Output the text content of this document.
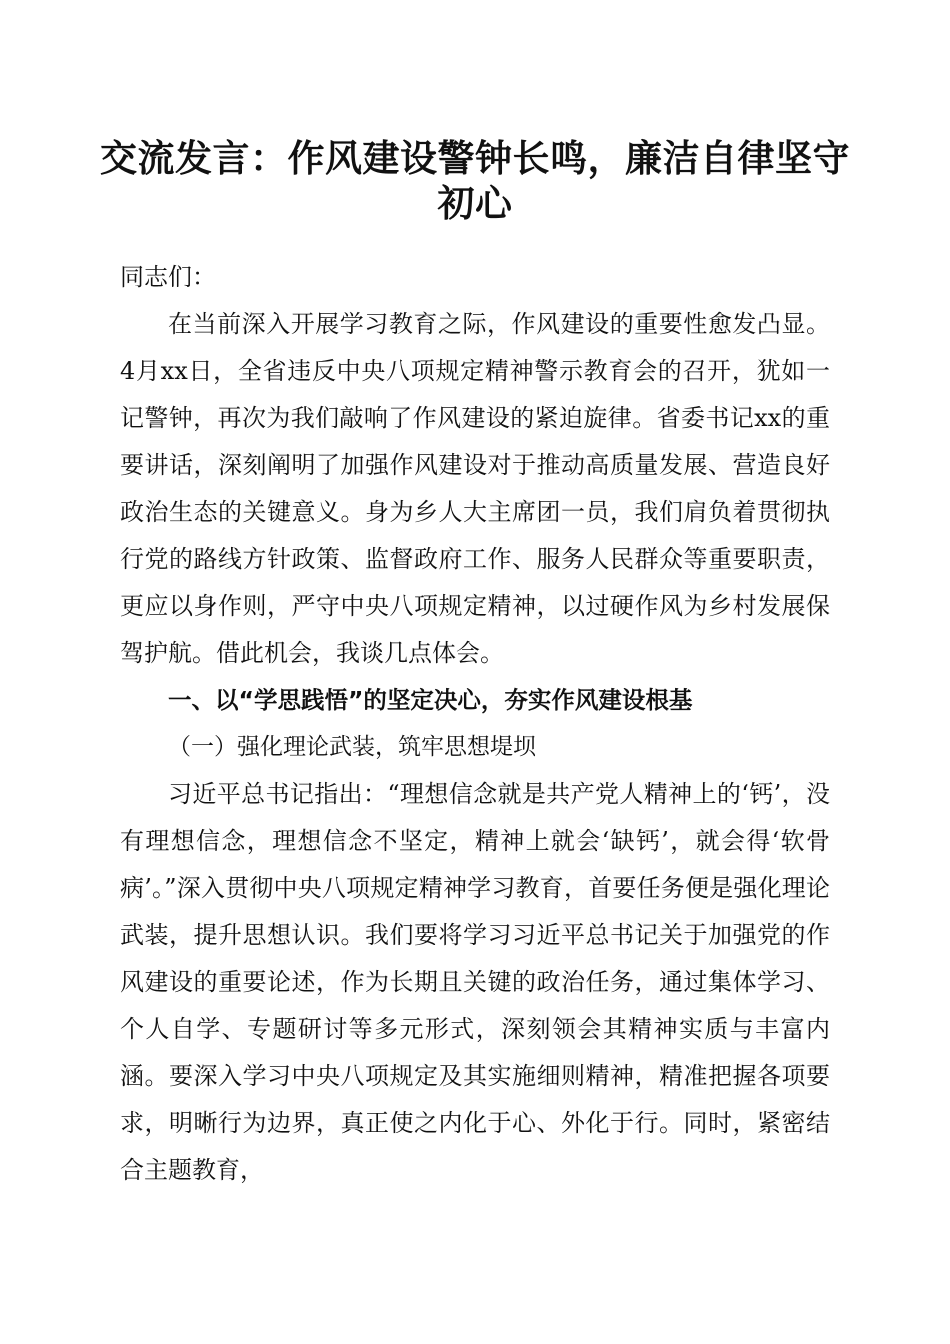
交流发言：作风建设警钟长鸣，廉洁自律坚守初心

同志们：

在当前深入开展学习教育之际，作风建设的重要性愈发凸显。4月xx日，全省违反中央八项规定精神警示教育会的召开，犹如一记警钟，再次为我们敲响了作风建设的紧迫旋律。省委书记xx的重要讲话，深刻阐明了加强作风建设对于推动高质量发展、营造良好政治生态的关键意义。身为乡人大主席团一员，我们肩负着贯彻执行党的路线方针政策、监督政府工作、服务人民群众等重要职责，更应以身作则，严守中央八项规定精神，以过硬作风为乡村发展保驾护航。借此机会，我谈几点体会。

一、以“学思践悟”的坚定决心，夯实作风建设根基

（一）强化理论武装，筑牢思想堤坝

习近平总书记指出：“理想信念就是共产党人精神上的‘钙’，没有理想信念，理想信念不坚定，精神上就会‘缺钙’，就会得‘软骨病’。”深入贯彻中央八项规定精神学习教育，首要任务便是强化理论武装，提升思想认识。我们要将学习习近平总书记关于加强党的作风建设的重要论述，作为长期且关键的政治任务，通过集体学习、个人自学、专题研讨等多元形式，深刻领会其精神实质与丰富内涵。要深入学习中央八项规定及其实施细则精神，精准把握各项要求，明晰行为边界，真正使之内化于心、外化于行。同时，紧密结合主题教育，
